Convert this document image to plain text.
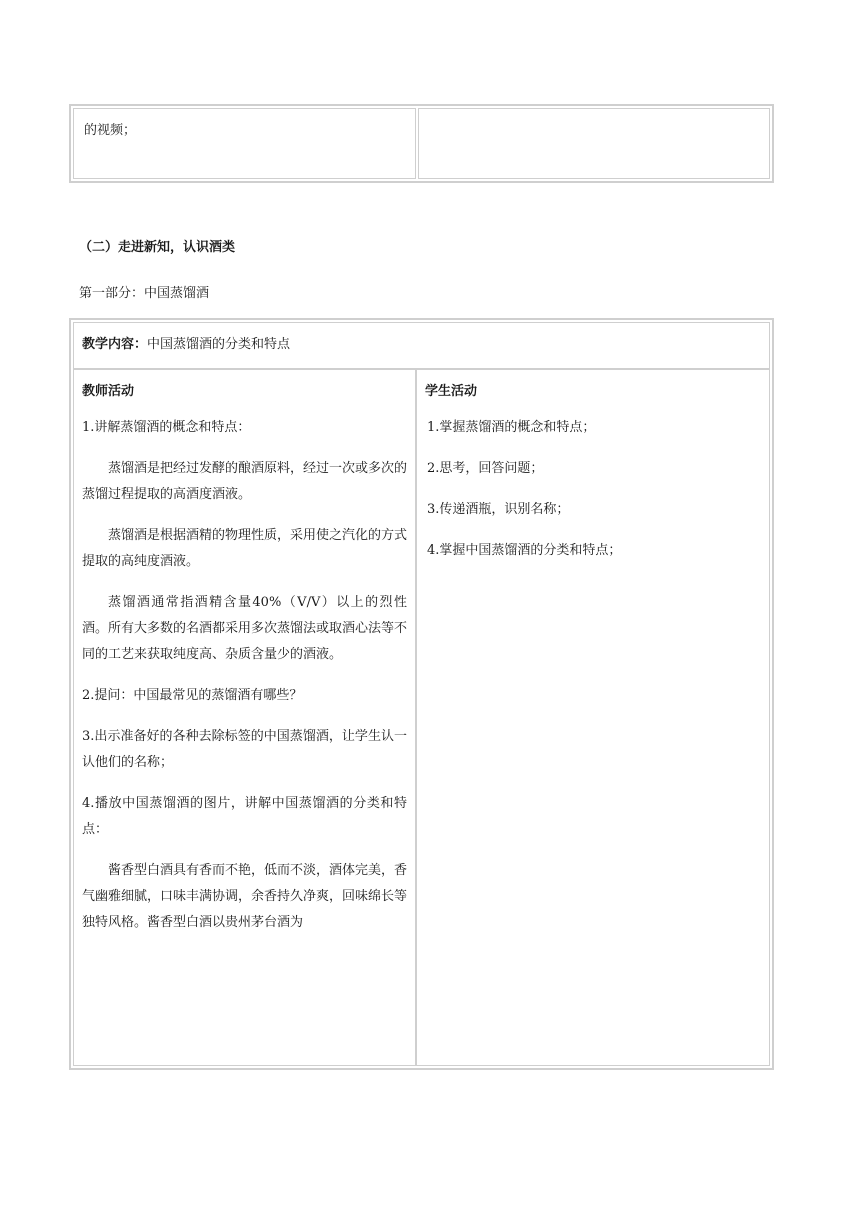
的视频；
（二）走进新知，认识酒类
第一部分：中国蒸馏酒
教学内容：中国蒸馏酒的分类和特点
教师活动

1.讲解蒸馏酒的概念和特点：

蒸馏酒是把经过发酵的酿酒原料，经过一次或多次的蒸馏过程提取的高酒度酒液。

蒸馏酒是根据酒精的物理性质，采用使之汽化的方式提取的高纯度酒液。

蒸馏酒通常指酒精含量40%（V/V）以上的烈性酒。所有大多数的名酒都采用多次蒸馏法或取酒心法等不同的工艺来获取纯度高、杂质含量少的酒液。

2.提问：中国最常见的蒸馏酒有哪些？

3.出示准备好的各种去除标签的中国蒸馏酒，让学生认一认他们的名称；

4.播放中国蒸馏酒的图片，讲解中国蒸馏酒的分类和特点：

酱香型白酒具有香而不艳，低而不淡，酒体完美，香气幽雅细腻，口味丰满协调，余香持久净爽，回味绵长等独特风格。酱香型白酒以贵州茅台酒为

学生活动

1.掌握蒸馏酒的概念和特点；

2.思考，回答问题；

3.传递酒瓶，识别名称；

4.掌握中国蒸馏酒的分类和特点；
